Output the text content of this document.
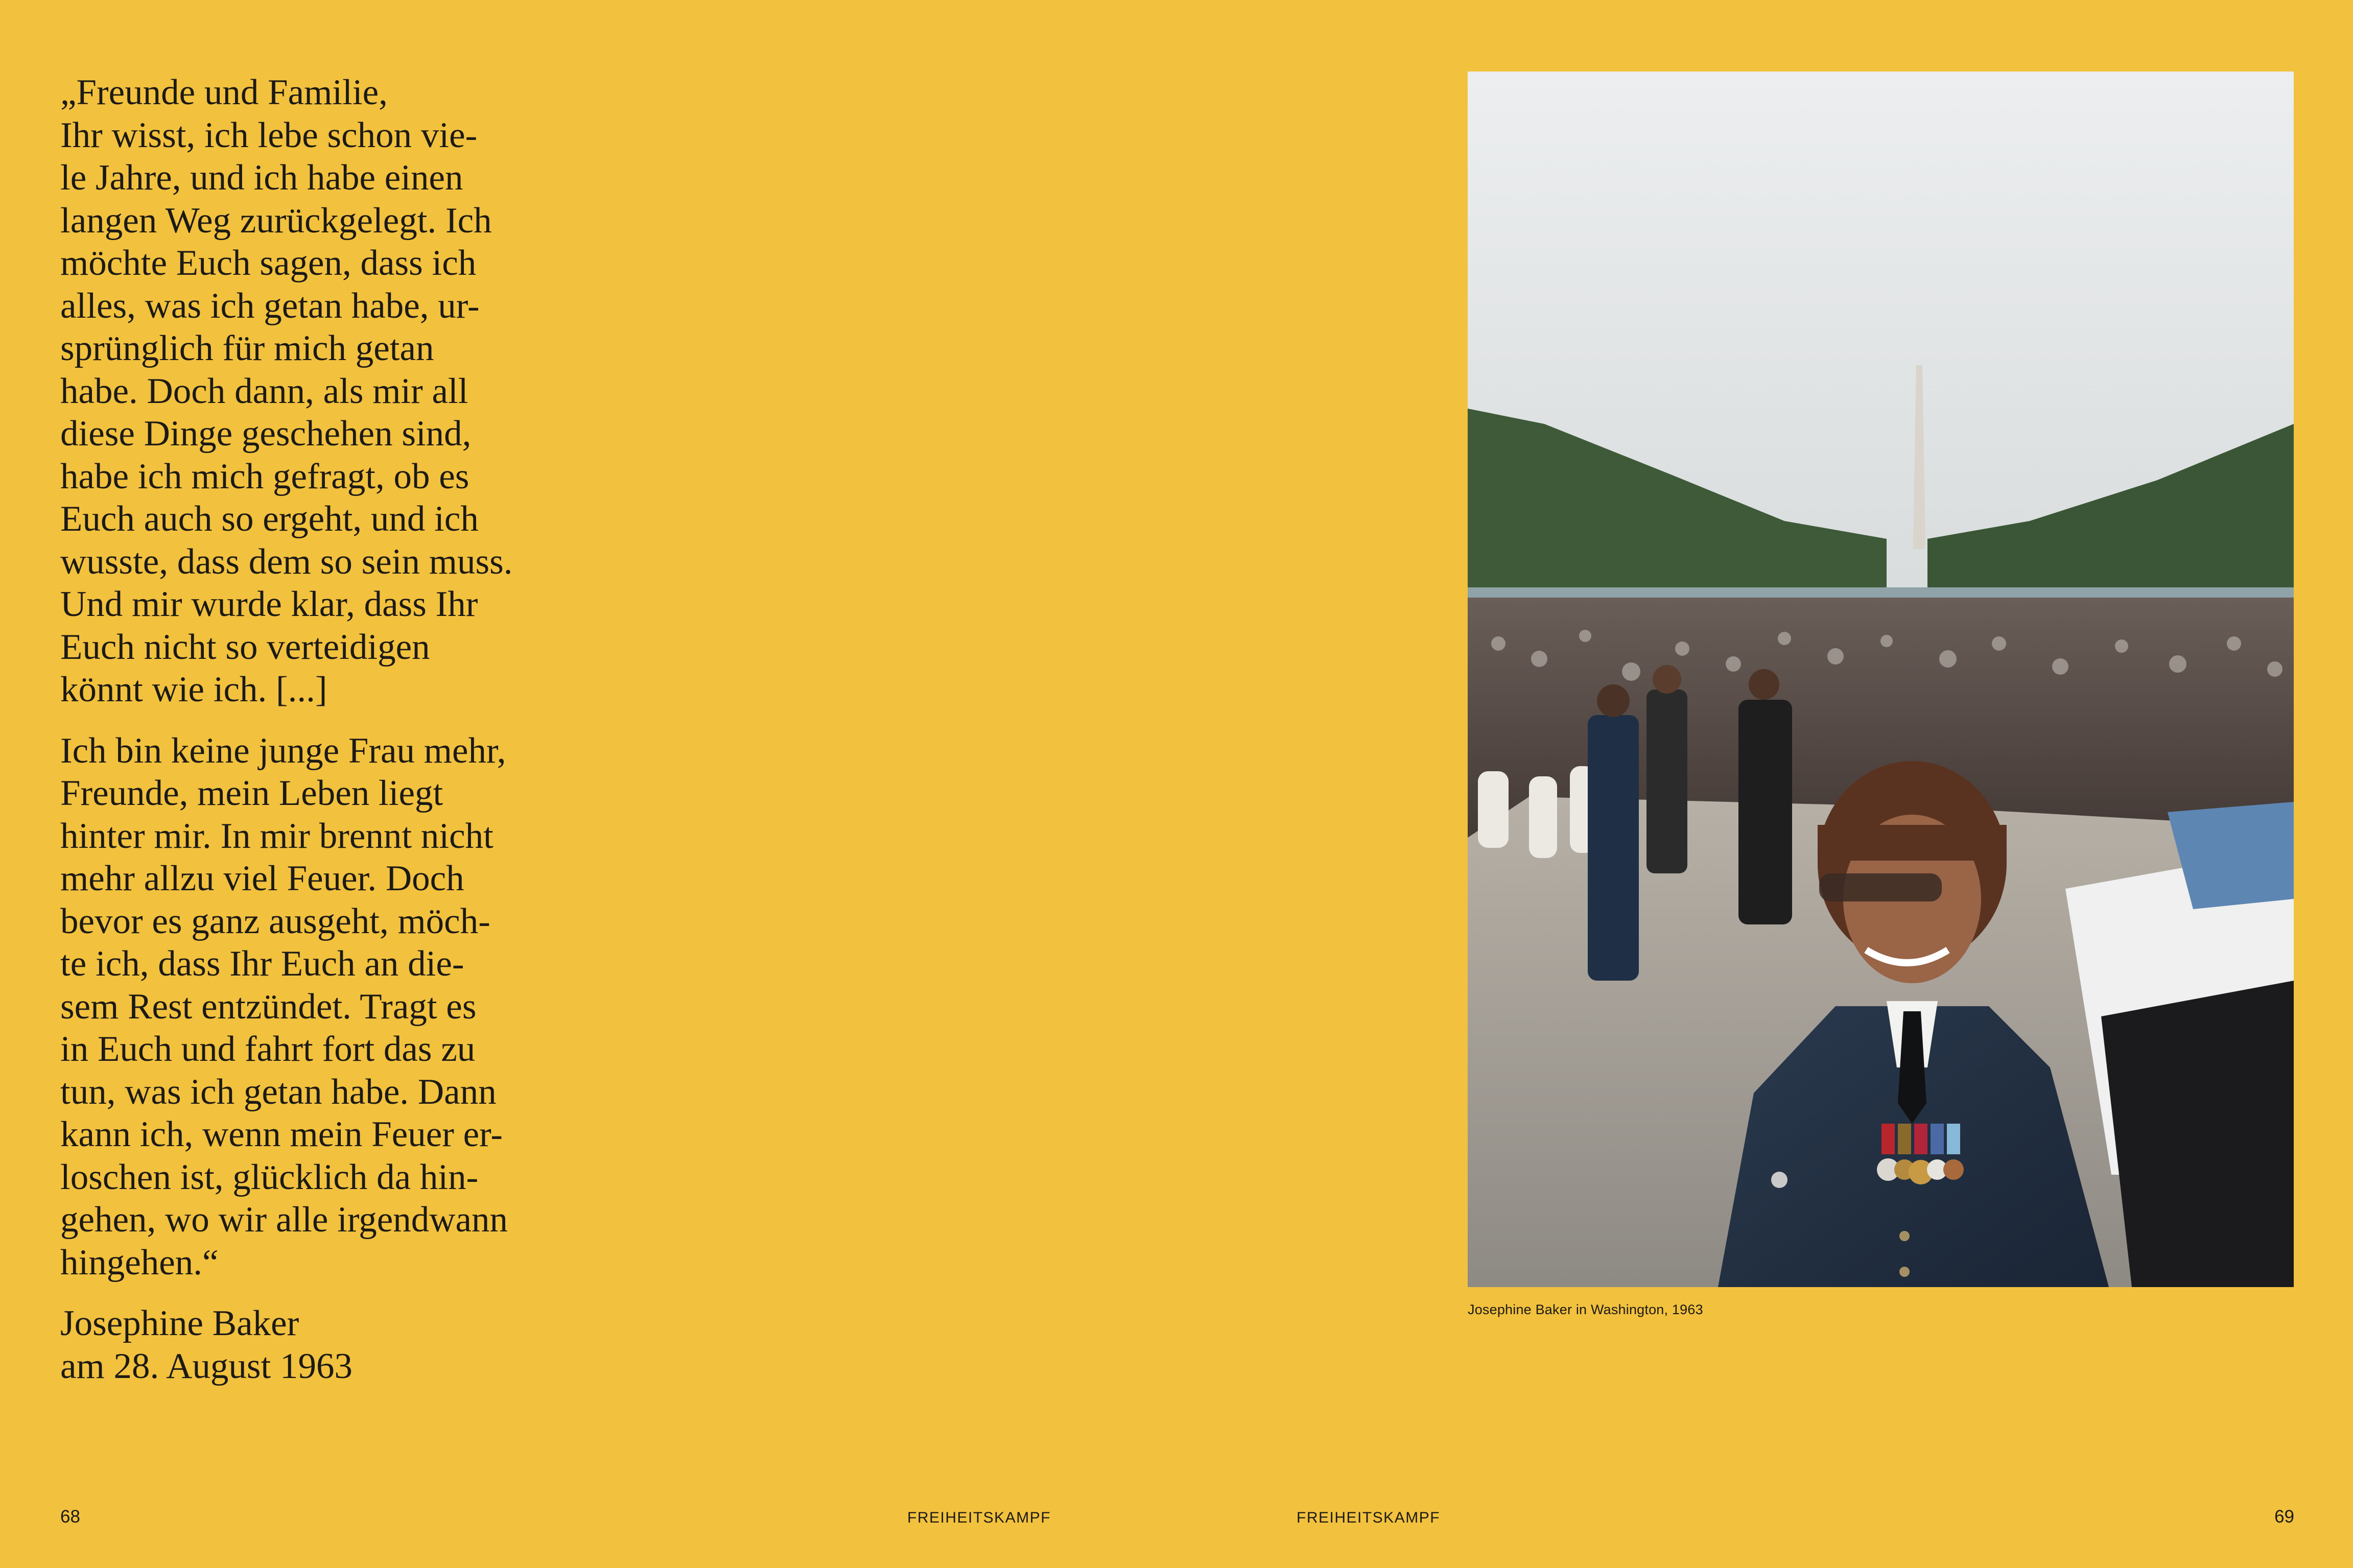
„Freunde und Familie,
Ihr wisst, ich lebe schon vie-
le Jahre, und ich habe einen
langen Weg zurückgelegt. Ich
möchte Euch sagen, dass ich
alles, was ich getan habe, ur-
sprünglich für mich getan
habe. Doch dann, als mir all
diese Dinge geschehen sind,
habe ich mich gefragt, ob es
Euch auch so ergeht, und ich
wusste, dass dem so sein muss.
Und mir wurde klar, dass Ihr
Euch nicht so verteidigen
könnt wie ich. [...]

Ich bin keine junge Frau mehr,
Freunde, mein Leben liegt
hinter mir. In mir brennt nicht
mehr allzu viel Feuer. Doch
bevor es ganz ausgeht, möch-
te ich, dass Ihr Euch an die-
sem Rest entzündet. Tragt es
in Euch und fahrt fort das zu
tun, was ich getan habe. Dann
kann ich, wenn mein Feuer er-
loschen ist, glücklich da hin-
gehen, wo wir alle irgendwann
hingehen.“

Josephine Baker
am 28. August 1963
Josephine Baker in Washington, 1963
68	FREIHEITSKAMPF	FREIHEITSKAMPF	69
